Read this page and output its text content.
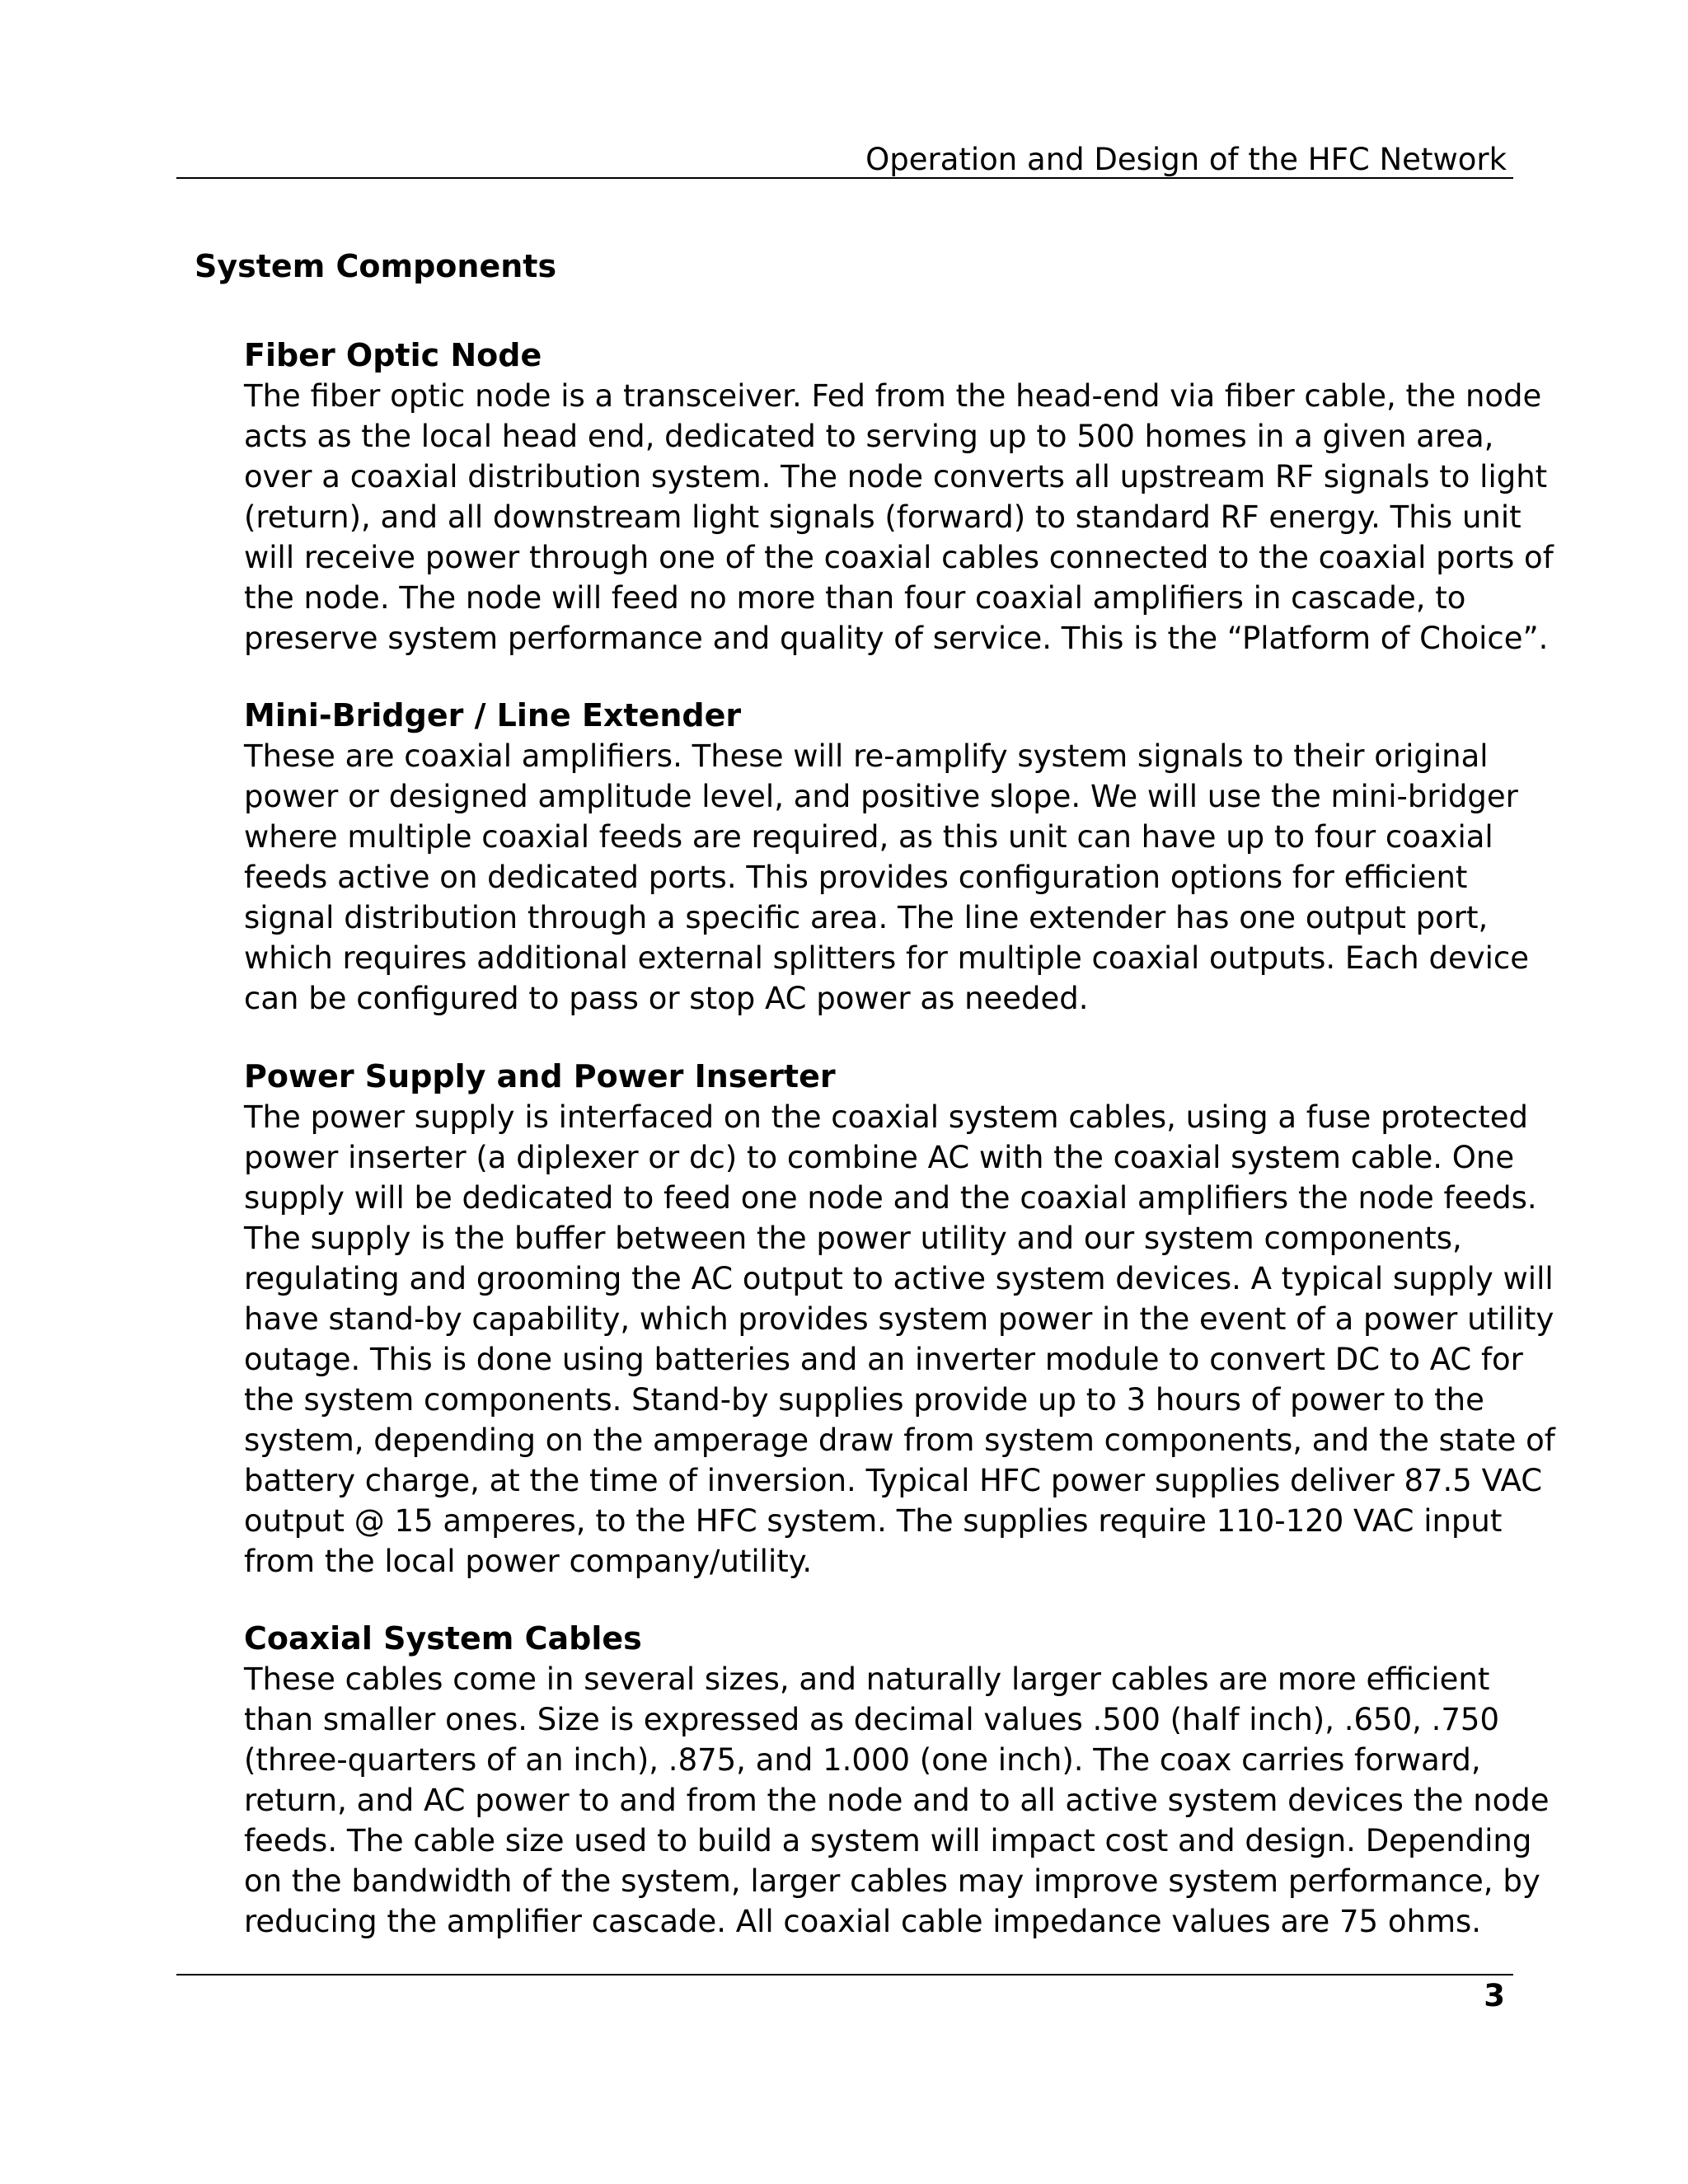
Operation and Design of the HFC Network
System Components
Fiber Optic Node
The fiber optic node is a transceiver. Fed from the head-end via fiber cable, the node
acts as the local head end, dedicated to serving up to 500 homes in a given area,
over a coaxial distribution system. The node converts all upstream RF signals to light
(return), and all downstream light signals (forward) to standard RF energy. This unit
will receive power through one of the coaxial cables connected to the coaxial ports of
the node. The node will feed no more than four coaxial amplifiers in cascade, to
preserve system performance and quality of service. This is the “Platform of Choice”.
Mini-Bridger / Line Extender
These are coaxial amplifiers. These will re-amplify system signals to their original
power or designed amplitude level, and positive slope. We will use the mini-bridger
where multiple coaxial feeds are required, as this unit can have up to four coaxial
feeds active on dedicated ports. This provides configuration options for efficient
signal distribution through a specific area. The line extender has one output port,
which requires additional external splitters for multiple coaxial outputs. Each device
can be configured to pass or stop AC power as needed.
Power Supply and Power Inserter
The power supply is interfaced on the coaxial system cables, using a fuse protected
power inserter (a diplexer or dc) to combine AC with the coaxial system cable. One
supply will be dedicated to feed one node and the coaxial amplifiers the node feeds.
The supply is the buffer between the power utility and our system components,
regulating and grooming the AC output to active system devices. A typical supply will
have stand-by capability, which provides system power in the event of a power utility
outage. This is done using batteries and an inverter module to convert DC to AC for
the system components. Stand-by supplies provide up to 3 hours of power to the
system, depending on the amperage draw from system components, and the state of
battery charge, at the time of inversion. Typical HFC power supplies deliver 87.5 VAC
output @ 15 amperes, to the HFC system. The supplies require 110-120 VAC input
from the local power company/utility.
Coaxial System Cables
These cables come in several sizes, and naturally larger cables are more efficient
than smaller ones. Size is expressed as decimal values .500 (half inch), .650, .750
(three-quarters of an inch), .875, and 1.000 (one inch). The coax carries forward,
return, and AC power to and from the node and to all active system devices the node
feeds. The cable size used to build a system will impact cost and design. Depending
on the bandwidth of the system, larger cables may improve system performance, by
reducing the amplifier cascade. All coaxial cable impedance values are 75 ohms.
3
